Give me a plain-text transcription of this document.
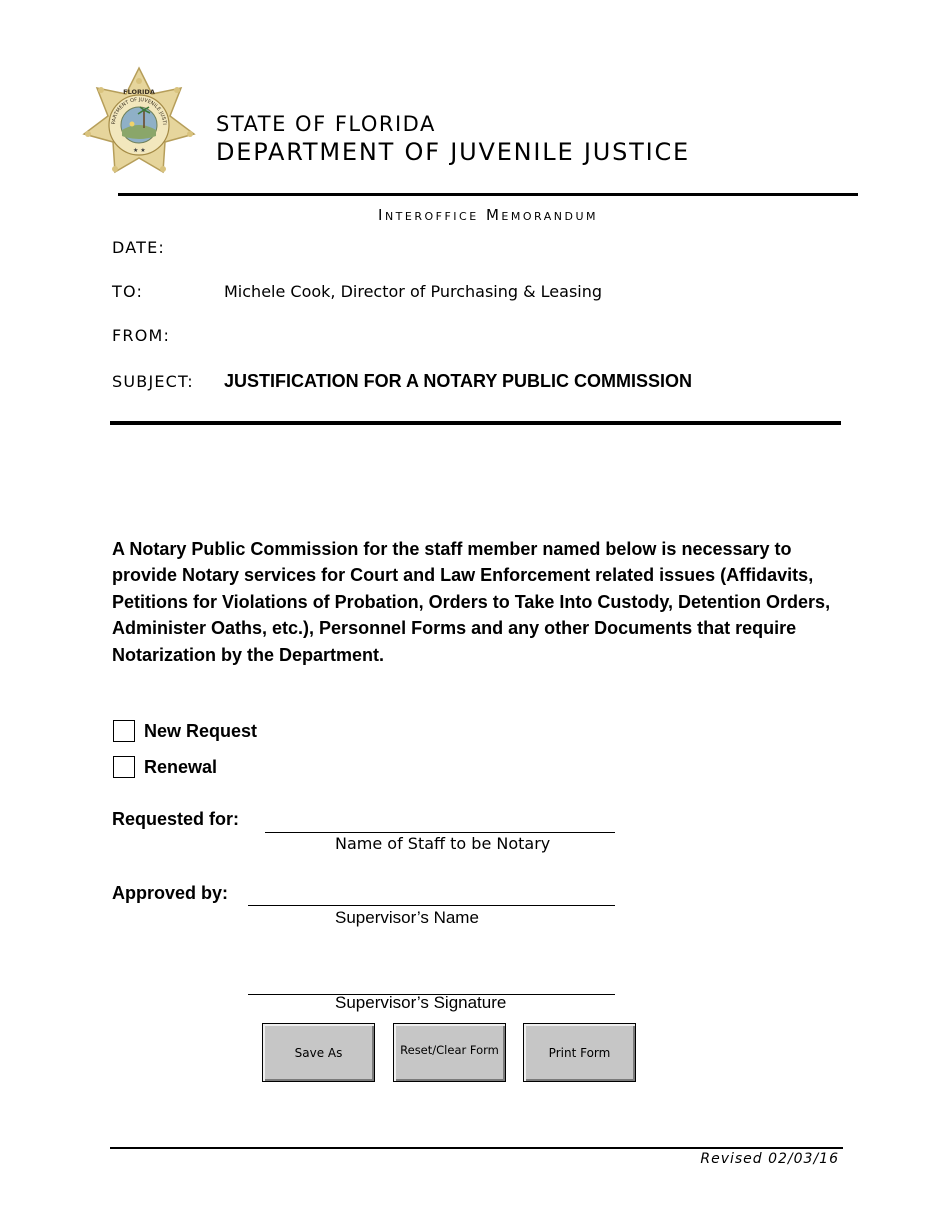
★ ★
FLORIDA
PARTMENT OF JUVENILE JUSTI STATE OF FLORIDA
DEPARTMENT OF JUVENILE JUSTICE
INTEROFFICE MEMORANDUM
DATE:
TO:	Michele Cook, Director of Purchasing & Leasing
FROM:
SUBJECT: JUSTIFICATION FOR A NOTARY PUBLIC COMMISSION
A Notary Public Commission for the staff member named below is necessary to provide Notary services for Court and Law Enforcement related issues (Affidavits, Petitions for Violations of Probation, Orders to Take Into Custody, Detention Orders, Administer Oaths, etc.), Personnel Forms and any other Documents that require Notarization by the Department.
New Request
Renewal
Requested for:
Name of Staff to be Notary
Approved by:
Supervisor’s Name
Supervisor’s Signature
Save As	Reset/Clear Form	Print Form
Revised 02/03/16
